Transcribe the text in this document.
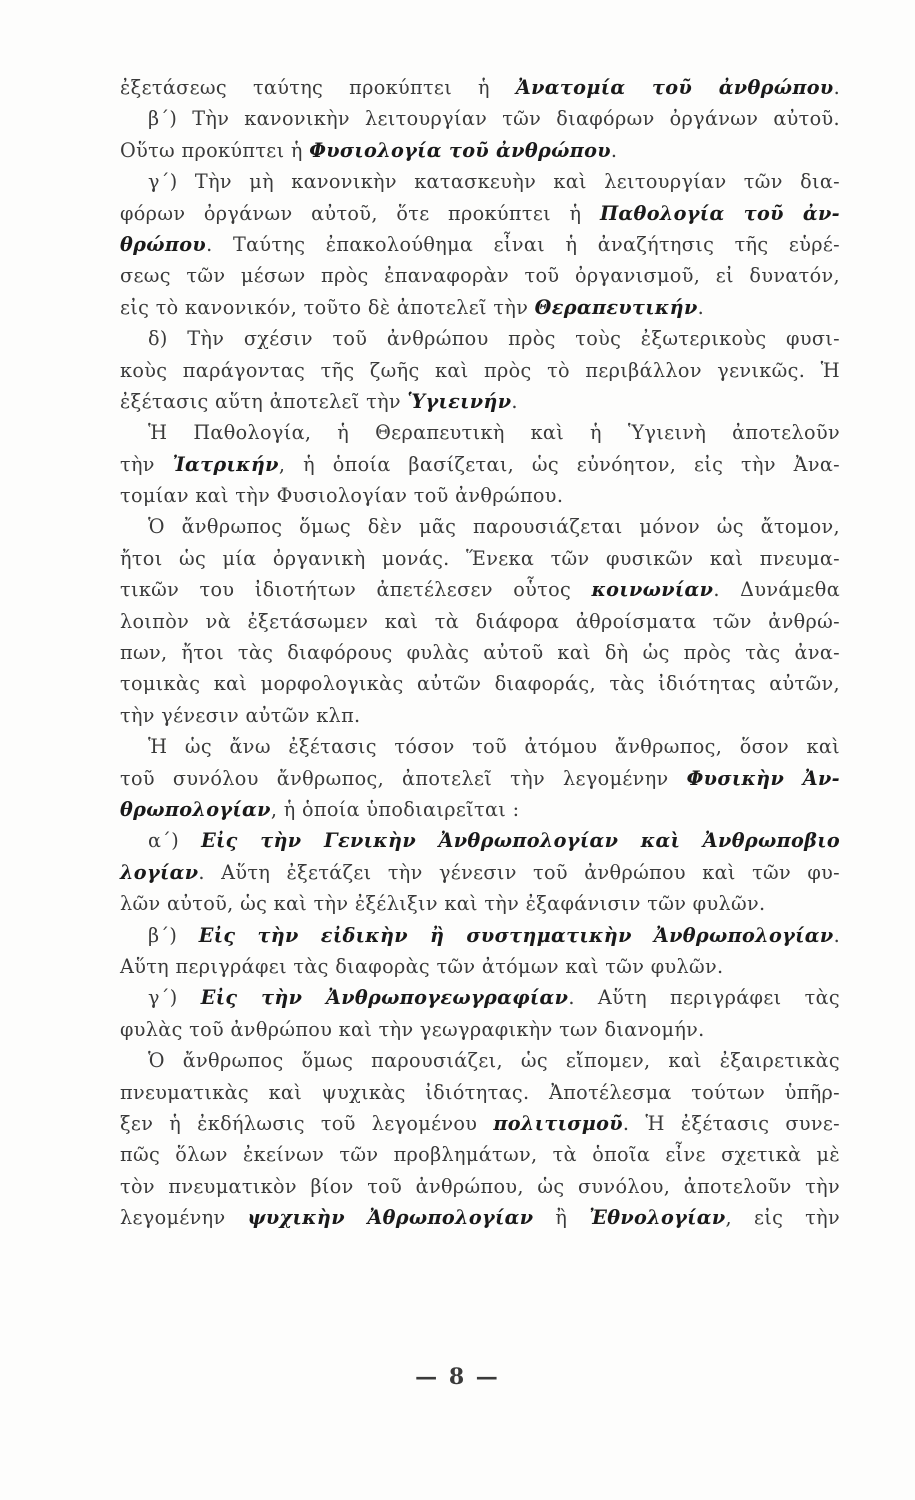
ἐξετάσεως ταύτης προκύπτει ἡ Ἀνατομία τοῦ ἀνθρώπου.
β΄) Τὴν κανονικὴν λειτουργίαν τῶν διαφόρων ὀργάνων αὐτοῦ.
Οὕτω προκύπτει ἡ Φυσιολογία τοῦ ἀνθρώπου.
γ΄) Τὴν μὴ κανονικὴν κατασκευὴν καὶ λειτουργίαν τῶν δια-
φόρων ὀργάνων αὐτοῦ, ὅτε προκύπτει ἡ Παθολογία τοῦ ἀν-
θρώπου. Ταύτης ἐπακολούθημα εἶναι ἡ ἀναζήτησις τῆς εὑρέ-
σεως τῶν μέσων πρὸς ἐπαναφορὰν τοῦ ὀργανισμοῦ, εἰ δυνατόν,
εἰς τὸ κανονικόν, τοῦτο δὲ ἀποτελεῖ τὴν Θεραπευτικήν.
δ) Τὴν σχέσιν τοῦ ἀνθρώπου πρὸς τοὺς ἐξωτερικοὺς φυσι-
κοὺς παράγοντας τῆς ζωῆς καὶ πρὸς τὸ περιβάλλον γενικῶς. Ἡ
ἐξέτασις αὕτη ἀποτελεῖ τὴν Ὑγιεινήν.
Ἡ Παθολογία, ἡ Θεραπευτικὴ καὶ ἡ Ὑγιεινὴ ἀποτελοῦν
τὴν Ἰατρικήν, ἡ ὁποία βασίζεται, ὡς εὐνόητον, εἰς τὴν Ἀνα-
τομίαν καὶ τὴν Φυσιολογίαν τοῦ ἀνθρώπου.
Ὁ ἄνθρωπος ὅμως δὲν μᾶς παρουσιάζεται μόνον ὡς ἄτομον,
ἤτοι ὡς μία ὀργανικὴ μονάς. Ἕνεκα τῶν φυσικῶν καὶ πνευμα-
τικῶν του ἰδιοτήτων ἀπετέλεσεν οὗτος κοινωνίαν. Δυνάμεθα
λοιπὸν νὰ ἐξετάσωμεν καὶ τὰ διάφορα ἀθροίσματα τῶν ἀνθρώ-
πων, ἤτοι τὰς διαφόρους φυλὰς αὐτοῦ καὶ δὴ ὡς πρὸς τὰς ἀνα-
τομικὰς καὶ μορφολογικὰς αὐτῶν διαφοράς, τὰς ἰδιότητας αὐτῶν,
τὴν γένεσιν αὐτῶν κλπ.
Ἡ ὡς ἄνω ἐξέτασις τόσον τοῦ ἀτόμου ἄνθρωπος, ὅσον καὶ
τοῦ συνόλου ἄνθρωπος, ἀποτελεῖ τὴν λεγομένην Φυσικὴν Ἀν-
θρωπολογίαν, ἡ ὁποία ὑποδιαιρεῖται :
α΄) Εἰς τὴν Γενικὴν Ἀνθρωπολογίαν καὶ Ἀνθρωποβιο
λογίαν. Αὕτη ἐξετάζει τὴν γένεσιν τοῦ ἀνθρώπου καὶ τῶν φυ-
λῶν αὐτοῦ, ὡς καὶ τὴν ἐξέλιξιν καὶ τὴν ἐξαφάνισιν τῶν φυλῶν.
β΄) Εἰς τὴν εἰδικὴν ἢ συστηματικὴν Ἀνθρωπολογίαν.
Αὕτη περιγράφει τὰς διαφορὰς τῶν ἀτόμων καὶ τῶν φυλῶν.
γ΄) Εἰς τὴν Ἀνθρωπογεωγραφίαν. Αὕτη περιγράφει τὰς
φυλὰς τοῦ ἀνθρώπου καὶ τὴν γεωγραφικὴν των διανομήν.
Ὁ ἄνθρωπος ὅμως παρουσιάζει, ὡς εἴπομεν, καὶ ἐξαιρετικὰς
πνευματικὰς καὶ ψυχικὰς ἰδιότητας. Ἀποτέλεσμα τούτων ὑπῆρ-
ξεν ἡ ἐκδήλωσις τοῦ λεγομένου πολιτισμοῦ. Ἡ ἐξέτασις συνε-
πῶς ὅλων ἐκείνων τῶν προβλημάτων, τὰ ὁποῖα εἶνε σχετικὰ μὲ
τὸν πνευματικὸν βίον τοῦ ἀνθρώπου, ὡς συνόλου, ἀποτελοῦν τὴν
λεγομένην ψυχικὴν Ἀθρωπολογίαν ἢ Ἐθνολογίαν, εἰς τὴν
— 8 —
